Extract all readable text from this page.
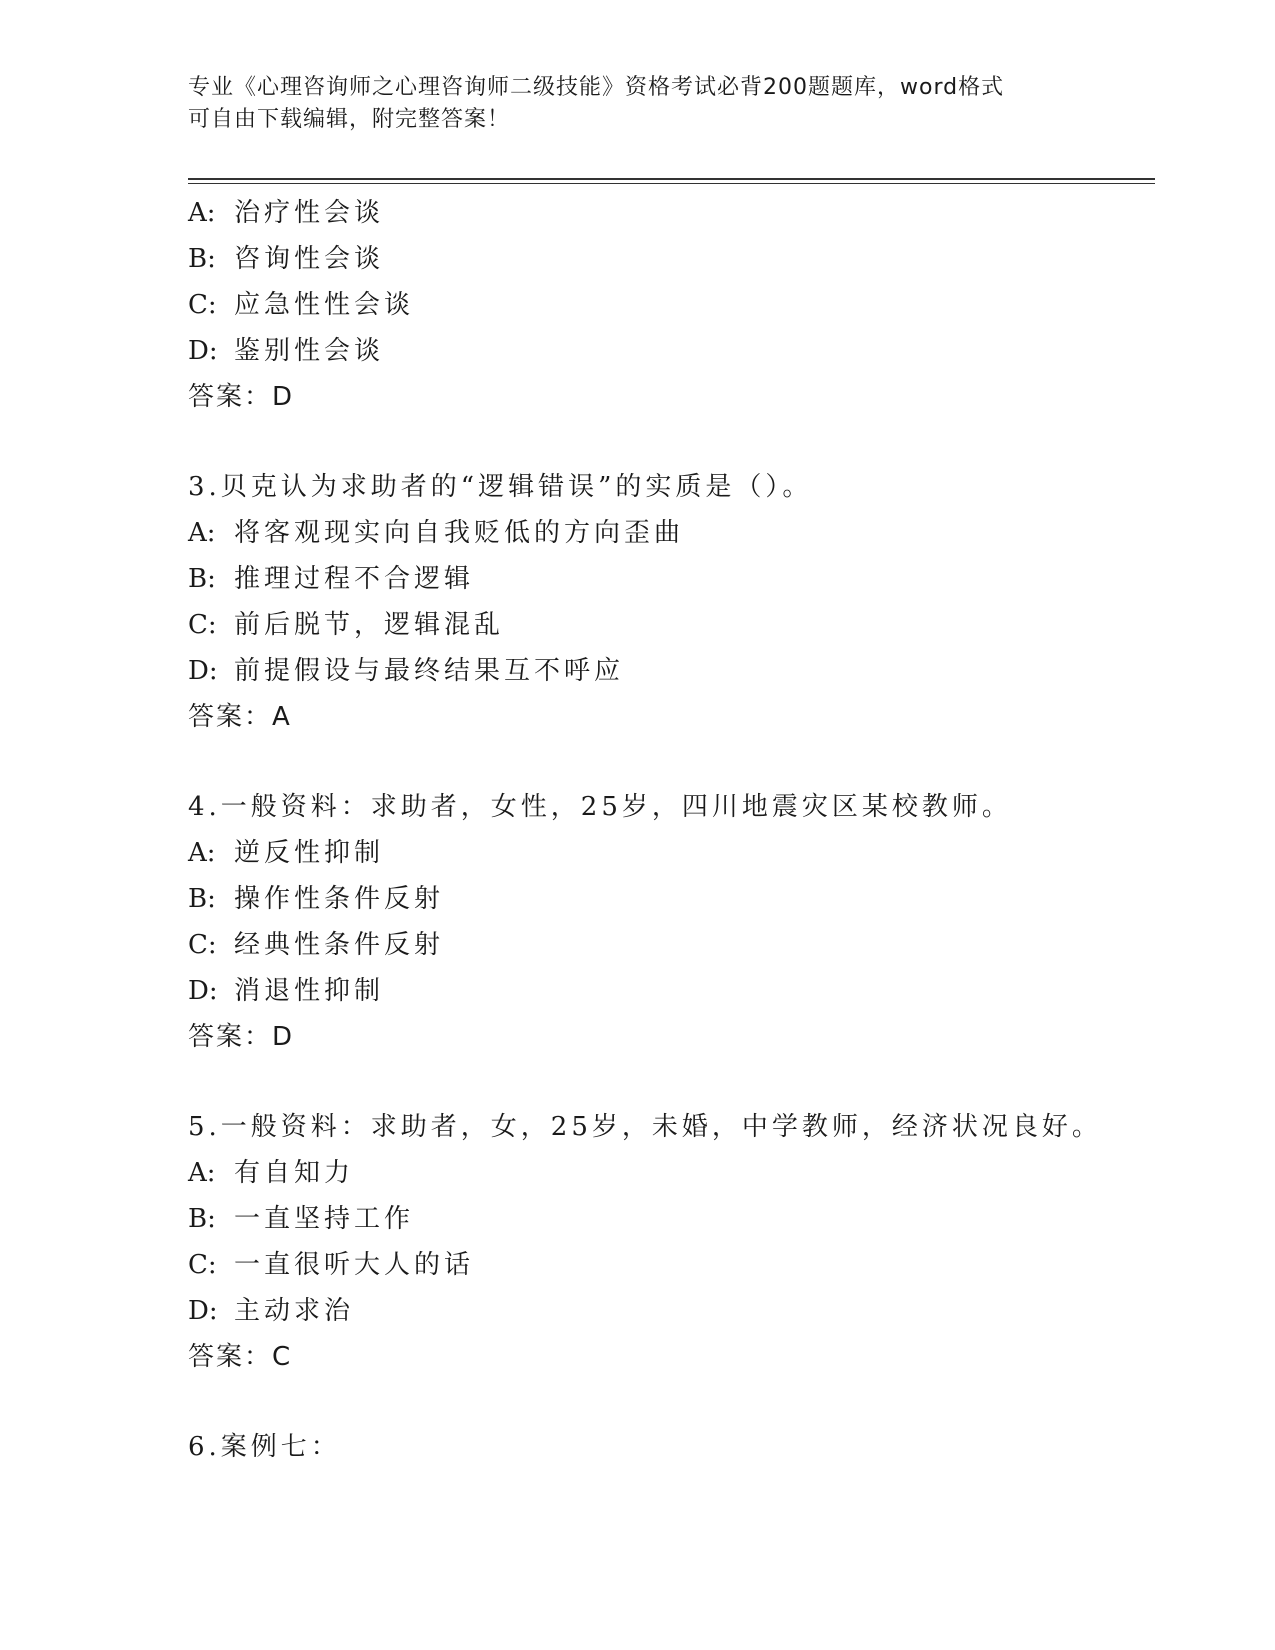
专业《心理咨询师之心理咨询师二级技能》资格考试必背200题题库，word格式
可自由下载编辑，附完整答案！
A: 治疗性会谈
B: 咨询性会谈
C: 应急性性会谈
D: 鉴别性会谈
答案：D
3.贝克认为求助者的“逻辑错误”的实质是（）。
A: 将客观现实向自我贬低的方向歪曲
B: 推理过程不合逻辑
C: 前后脱节，逻辑混乱
D: 前提假设与最终结果互不呼应
答案：A
4.一般资料：求助者，女性，25岁，四川地震灾区某校教师。
A: 逆反性抑制
B: 操作性条件反射
C: 经典性条件反射
D: 消退性抑制
答案：D
5.一般资料：求助者，女，25岁，未婚，中学教师，经济状况良好。
A: 有自知力
B: 一直坚持工作
C: 一直很听大人的话
D: 主动求治
答案：C
6.案例七：
